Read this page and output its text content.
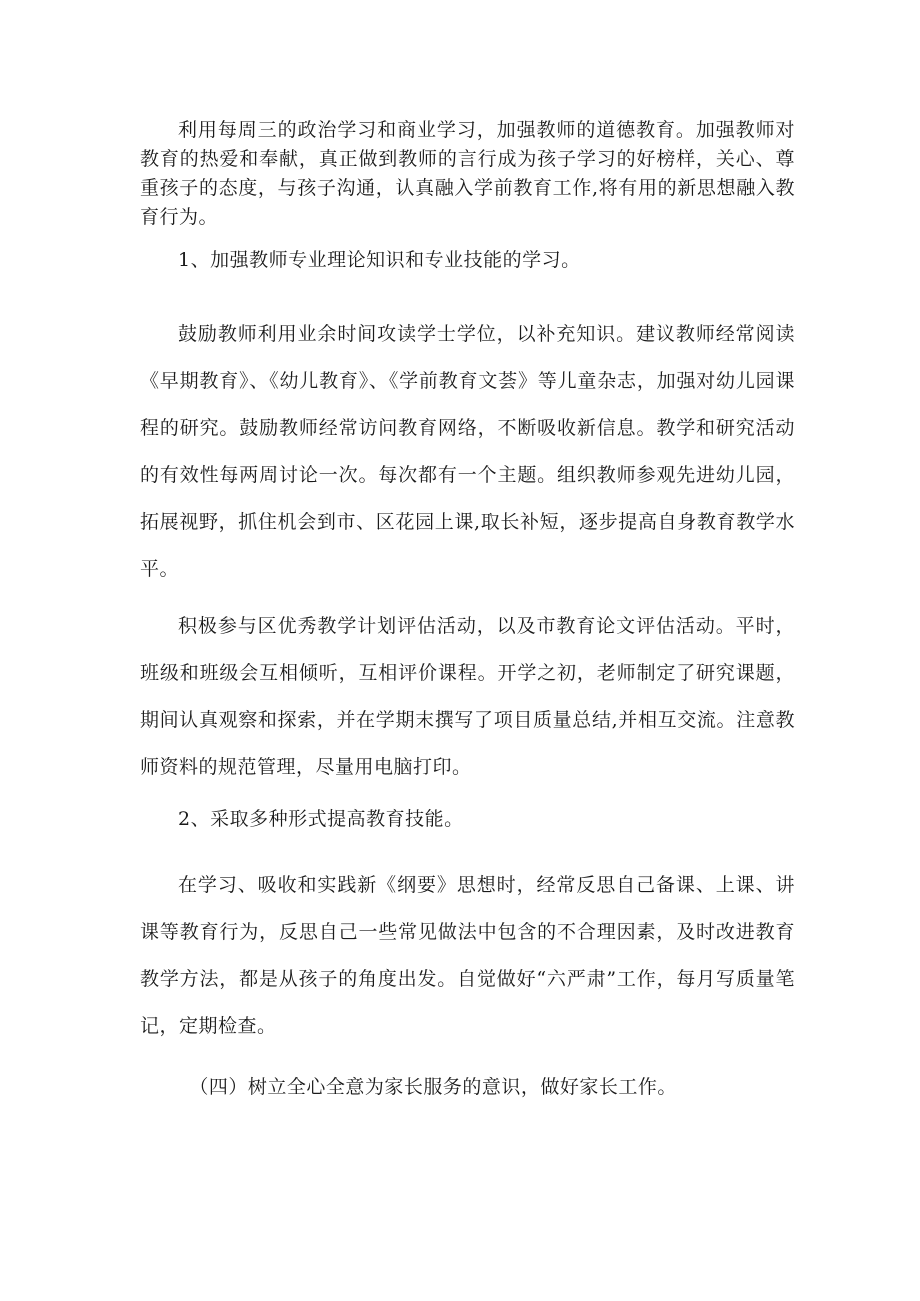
利用每周三的政治学习和商业学习，加强教师的道德教育。加强教师对教育的热爱和奉献，真正做到教师的言行成为孩子学习的好榜样，关心、尊重孩子的态度，与孩子沟通，认真融入学前教育工作,将有用的新思想融入教育行为。

1、加强教师专业理论知识和专业技能的学习。

鼓励教师利用业余时间攻读学士学位，以补充知识。建议教师经常阅读《早期教育》、《幼儿教育》、《学前教育文荟》等儿童杂志，加强对幼儿园课程的研究。鼓励教师经常访问教育网络，不断吸收新信息。教学和研究活动的有效性每两周讨论一次。每次都有一个主题。组织教师参观先进幼儿园，拓展视野，抓住机会到市、区花园上课,取长补短，逐步提高自身教育教学水平。

积极参与区优秀教学计划评估活动，以及市教育论文评估活动。平时，班级和班级会互相倾听，互相评价课程。开学之初，老师制定了研究课题，期间认真观察和探索，并在学期末撰写了项目质量总结,并相互交流。注意教师资料的规范管理，尽量用电脑打印。

2、采取多种形式提高教育技能。

在学习、吸收和实践新《纲要》思想时，经常反思自己备课、上课、讲课等教育行为，反思自己一些常见做法中包含的不合理因素，及时改进教育教学方法，都是从孩子的角度出发。自觉做好“六严肃”工作，每月写质量笔记，定期检查。

（四）树立全心全意为家长服务的意识，做好家长工作。
